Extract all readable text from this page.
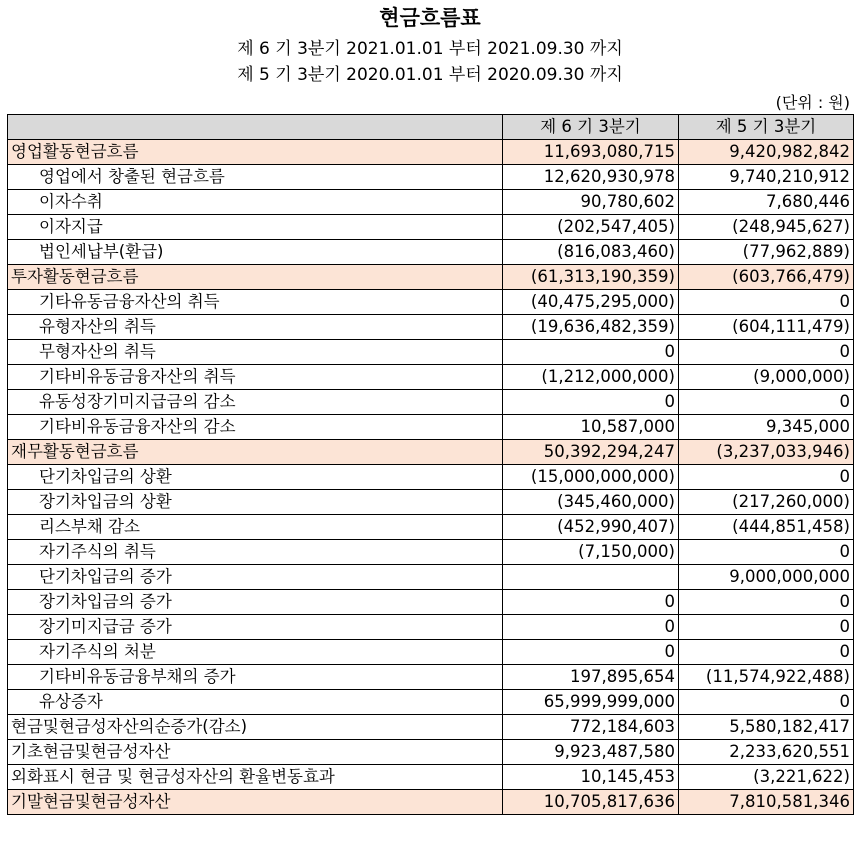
현금흐름표
제 6 기 3분기 2021.01.01 부터 2021.09.30 까지
제 5 기 3분기 2020.01.01 부터 2020.09.30 까지
(단위 : 원)
	제 6 기 3분기	제 5 기 3분기
영업활동현금흐름	11,693,080,715	9,420,982,842
영업에서 창출된 현금흐름	12,620,930,978	9,740,210,912
이자수취	90,780,602	7,680,446
이자지급	(202,547,405)	(248,945,627)
법인세납부(환급)	(816,083,460)	(77,962,889)
투자활동현금흐름	(61,313,190,359)	(603,766,479)
기타유동금융자산의 취득	(40,475,295,000)	0
유형자산의 취득	(19,636,482,359)	(604,111,479)
무형자산의 취득	0	0
기타비유동금융자산의 취득	(1,212,000,000)	(9,000,000)
유동성장기미지급금의 감소	0	0
기타비유동금융자산의 감소	10,587,000	9,345,000
재무활동현금흐름	50,392,294,247	(3,237,033,946)
단기차입금의 상환	(15,000,000,000)	0
장기차입금의 상환	(345,460,000)	(217,260,000)
리스부채 감소	(452,990,407)	(444,851,458)
자기주식의 취득	(7,150,000)	0
단기차입금의 증가		9,000,000,000
장기차입금의 증가	0	0
장기미지급금 증가	0	0
자기주식의 처분	0	0
기타비유동금융부채의 증가	197,895,654	(11,574,922,488)
유상증자	65,999,999,000	0
현금및현금성자산의순증가(감소)	772,184,603	5,580,182,417
기초현금및현금성자산	9,923,487,580	2,233,620,551
외화표시 현금 및 현금성자산의 환율변동효과	10,145,453	(3,221,622)
기말현금및현금성자산	10,705,817,636	7,810,581,346
